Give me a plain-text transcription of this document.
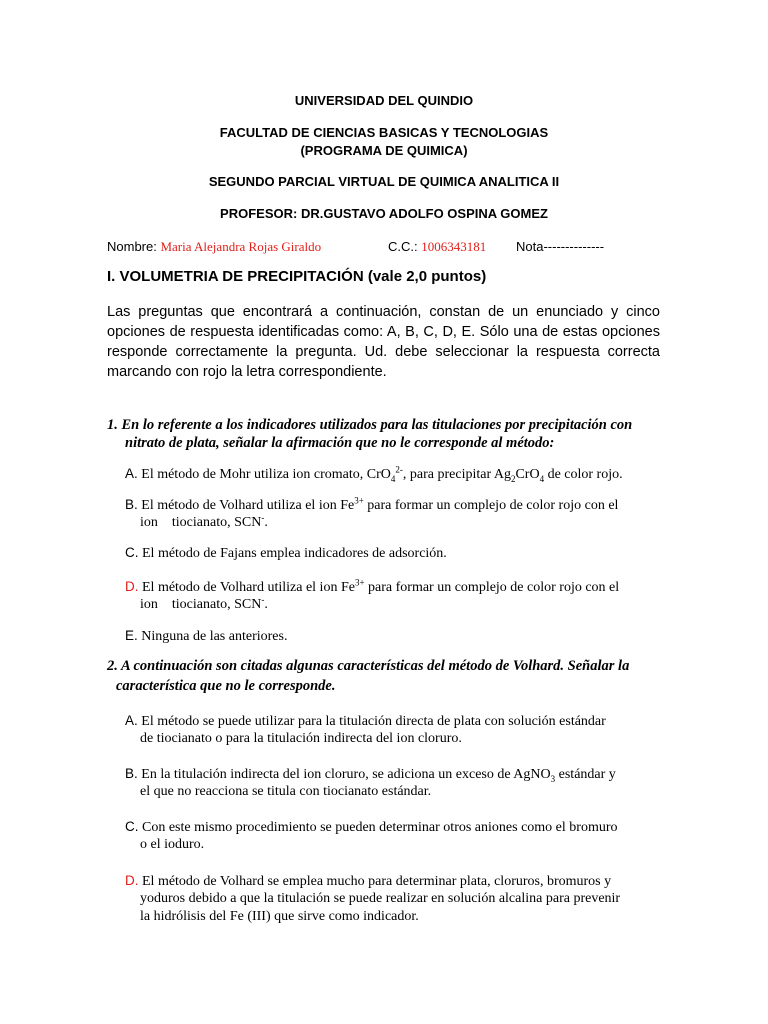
UNIVERSIDAD DEL QUINDIO
FACULTAD DE CIENCIAS BASICAS Y TECNOLOGIAS
(PROGRAMA DE QUIMICA)
SEGUNDO PARCIAL VIRTUAL DE QUIMICA ANALITICA II
PROFESOR: DR.GUSTAVO ADOLFO OSPINA GOMEZ
Nombre: Maria Alejandra Rojas Giraldo	C.C.: 1006343181 Nota--------------
I. VOLUMETRIA DE PRECIPITACIÓN (vale 2,0 puntos)
Las preguntas que encontrará a continuación, constan de un enunciado y cinco opciones de respuesta identificadas como: A, B, C, D, E. Sólo una de estas opciones responde correctamente la pregunta. Ud. debe seleccionar la respuesta correcta marcando con rojo la letra correspondiente.
1. En lo referente a los indicadores utilizados para las titulaciones por precipitación con
nitrato de plata, señalar la afirmación que no le corresponde al método:
A. El método de Mohr utiliza ion cromato, CrO$_4^{2-}$, para precipitar $Ag_2CrO_4$ de color rojo.
B. El método de Volhard utiliza el ion $Fe^{3+}$ para formar un complejo de color rojo con el
ion    tiocianato, SCN-.
C. El método de Fajans emplea indicadores de adsorción.
D. El método de Volhard utiliza el ion $Fe^{3+}$ para formar un complejo de color rojo con el
ion    tiocianato, SCN-.
E. Ninguna de las anteriores.
2. A continuación son citadas algunas características del método de Volhard. Señalar la
característica que no le corresponde.
A. El método se puede utilizar para la titulación directa de plata con solución estándar
de tiocianato o para la titulación indirecta del ion cloruro.
B. En la titulación indirecta del ion cloruro, se adiciona un exceso de AgNO$_3$ estándar y
el que no reacciona se titula con tiocianato estándar.
C. Con este mismo procedimiento se pueden determinar otros aniones como el bromuro
o el ioduro.
D. El método de Volhard se emplea mucho para determinar plata, cloruros, bromuros y
yoduros debido a que la titulación se puede realizar en solución alcalina para prevenir
la hidrólisis del Fe (III) que sirve como indicador.
